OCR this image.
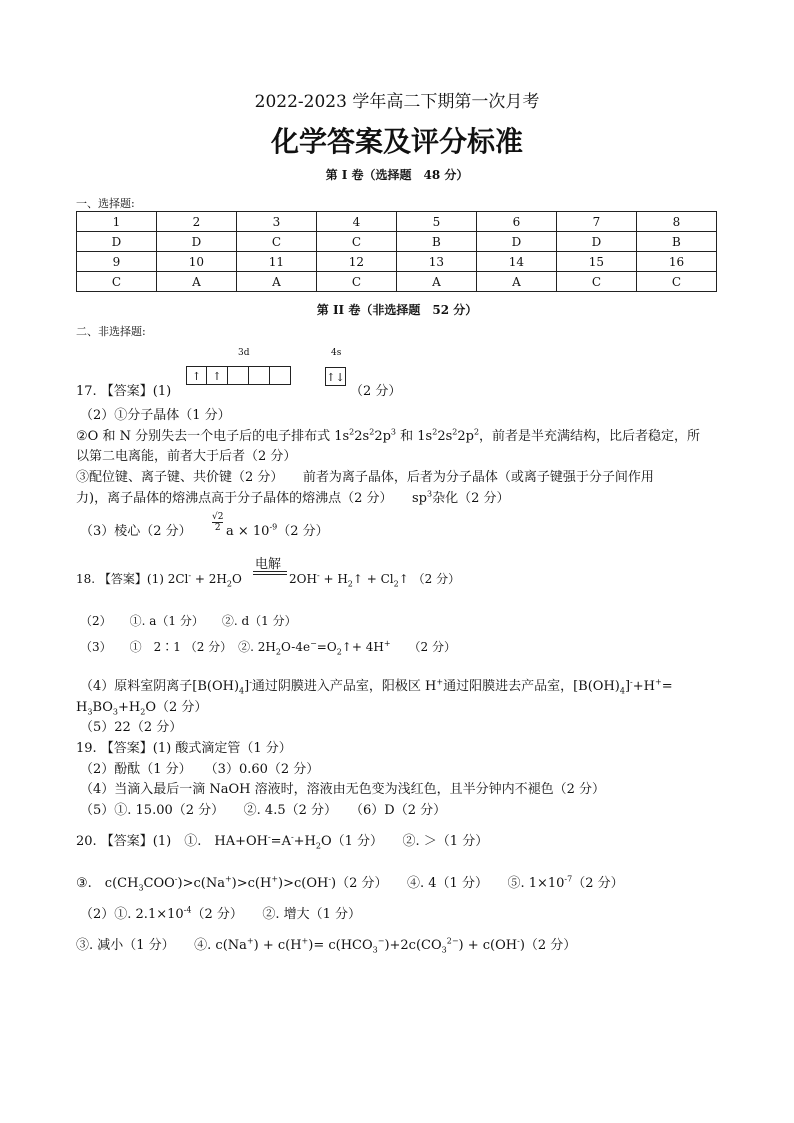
2022-2023 学年高二下期第一次月考
化学答案及评分标准
第 I 卷（选择题　48 分）
一、选择题:
1	2	3	4	5	6	7	8
D	D	C	C	B	D	D	B
9	10	11	12	13	14	15	16
C	A	A	C	A	A	C	C
第 II 卷（非选择题　52 分）
二、非选择题:
3d	4s
↑	↑	↑↓
17. 【答案】(1)	（2 分）
（2）①分子晶体（1 分）
②O 和 N 分别失去一个电子后的电子排布式 $1s^22s^22p^3$ 和 $1s^22s^22p^2$，前者是半充满结构，比后者稳定，所
以第二电离能，前者大于后者（2 分）
③配位键、离子键、共价键（2 分）　　前者为离子晶体，后者为分子晶体（或离子键强于分子间作用
力)，离子晶体的熔沸点高于分子晶体的熔沸点（2 分）　　$sp^3$杂化（2 分）
（3）棱心（2 分）
√2
2 $a \times 10^{-9}(2$ 分）
电解
18. 【答案】(1) $2Cl^- + 2H_2O$	$2OH^- + H_2↑$ + $Cl_2↑$ （2 分）
（2）　　①. a（1 分）　　②. d（1 分）
（3）　　①　2∶1 （2 分）　②. $2H_2O-4e^-=O_2↑+ 4H^+$ （2 分）
（4）原料室阴离子$[B(OH)_4]^-$通过阴膜进入产品室，阳极区 H+通过阳膜进去产品室，$[B(OH)_4]^-+H^+=$
$H_3BO_3+H_2O(2$ 分）
（5）22（2 分）
19. 【答案】(1) 酸式滴定管（1 分）
（2）酚酞（1 分）　　（3）0.60（2 分）
（4）当滴入最后一滴 NaOH 溶液时，溶液由无色变为浅红色，且半分钟内不褪色（2 分）
（5）①. 15.00（2 分）　　②. 4.5（2 分）　　（6）D（2 分）
20. 【答案】(1)　①.　$HA+OH^-=A^-+H_2O(1$ 分）　　②. ＞（1 分）
③.　$c(CH_3COO^-)>c(Na^+)>c(H^+)>c(OH^-)(2$ 分）　　④. 4（1 分）　　⑤. $1\times 10^{-7}(2$ 分）
（2）①. $2.1\times 10^{-4}(2$ 分）　　②. 增大（1 分）
③. 减小（1 分）　　④. $c(Na^+) + c(H^+)= c(HCO_3^-)+2c(CO_3^{2-}) + c(OH^-)(2$ 分）
